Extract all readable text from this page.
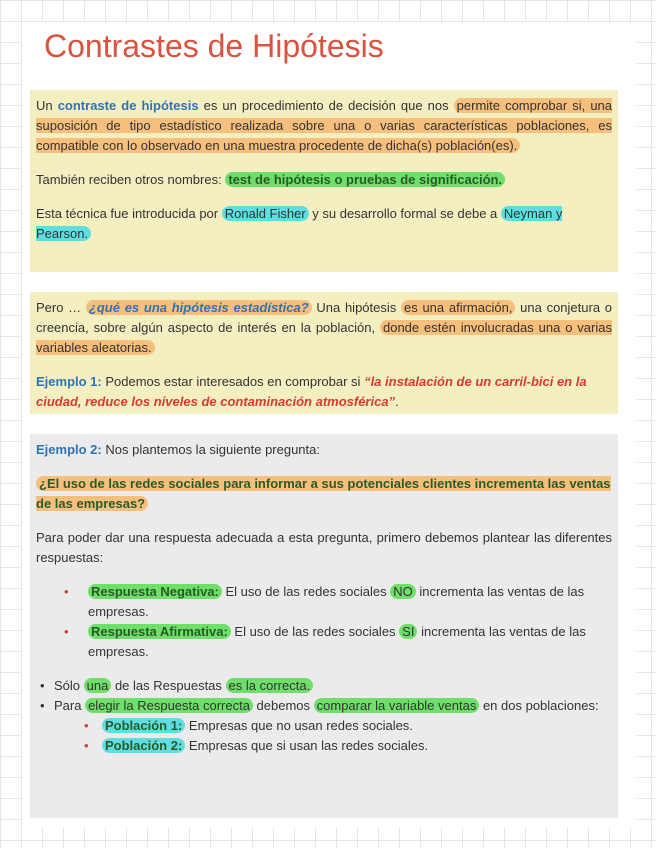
Contrastes de Hipótesis

Un contraste de hipótesis es un procedimiento de decisión que nos permite comprobar si, una suposición de tipo estadístico realizada sobre una o varias características poblaciones, es compatible con lo observado en una muestra procedente de dicha(s) población(es).

También reciben otros nombres: test de hipótesis o pruebas de significación.

Esta técnica fue introducida por Ronald Fisher y su desarrollo formal se debe a Neyman y Pearson.

Pero … ¿qué es una hipótesis estadística? Una hipótesis es una afirmación, una conjetura o creencia, sobre algún aspecto de interés en la población, donde estén involucradas una o varias variables aleatorias.

Ejemplo 1: Podemos estar interesados en comprobar si “la instalación de un carril-bici en la ciudad, reduce los niveles de contaminación atmosférica”.

Ejemplo 2: Nos plantemos la siguiente pregunta:

¿El uso de las redes sociales para informar a sus potenciales clientes incrementa las ventas de las empresas?

Para poder dar una respuesta adecuada a esta pregunta, primero debemos plantear las diferentes respuestas:

• Respuesta Negativa: El uso de las redes sociales NO incrementa las ventas de las empresas.
• Respuesta Afirmativa: El uso de las redes sociales SI incrementa las ventas de las empresas.
• Sólo una de las Respuestas es la correcta.
• Para elegir la Respuesta correcta debemos comparar la variable ventas en dos poblaciones:
• Población 1: Empresas que no usan redes sociales.
• Población 2: Empresas que si usan las redes sociales.
